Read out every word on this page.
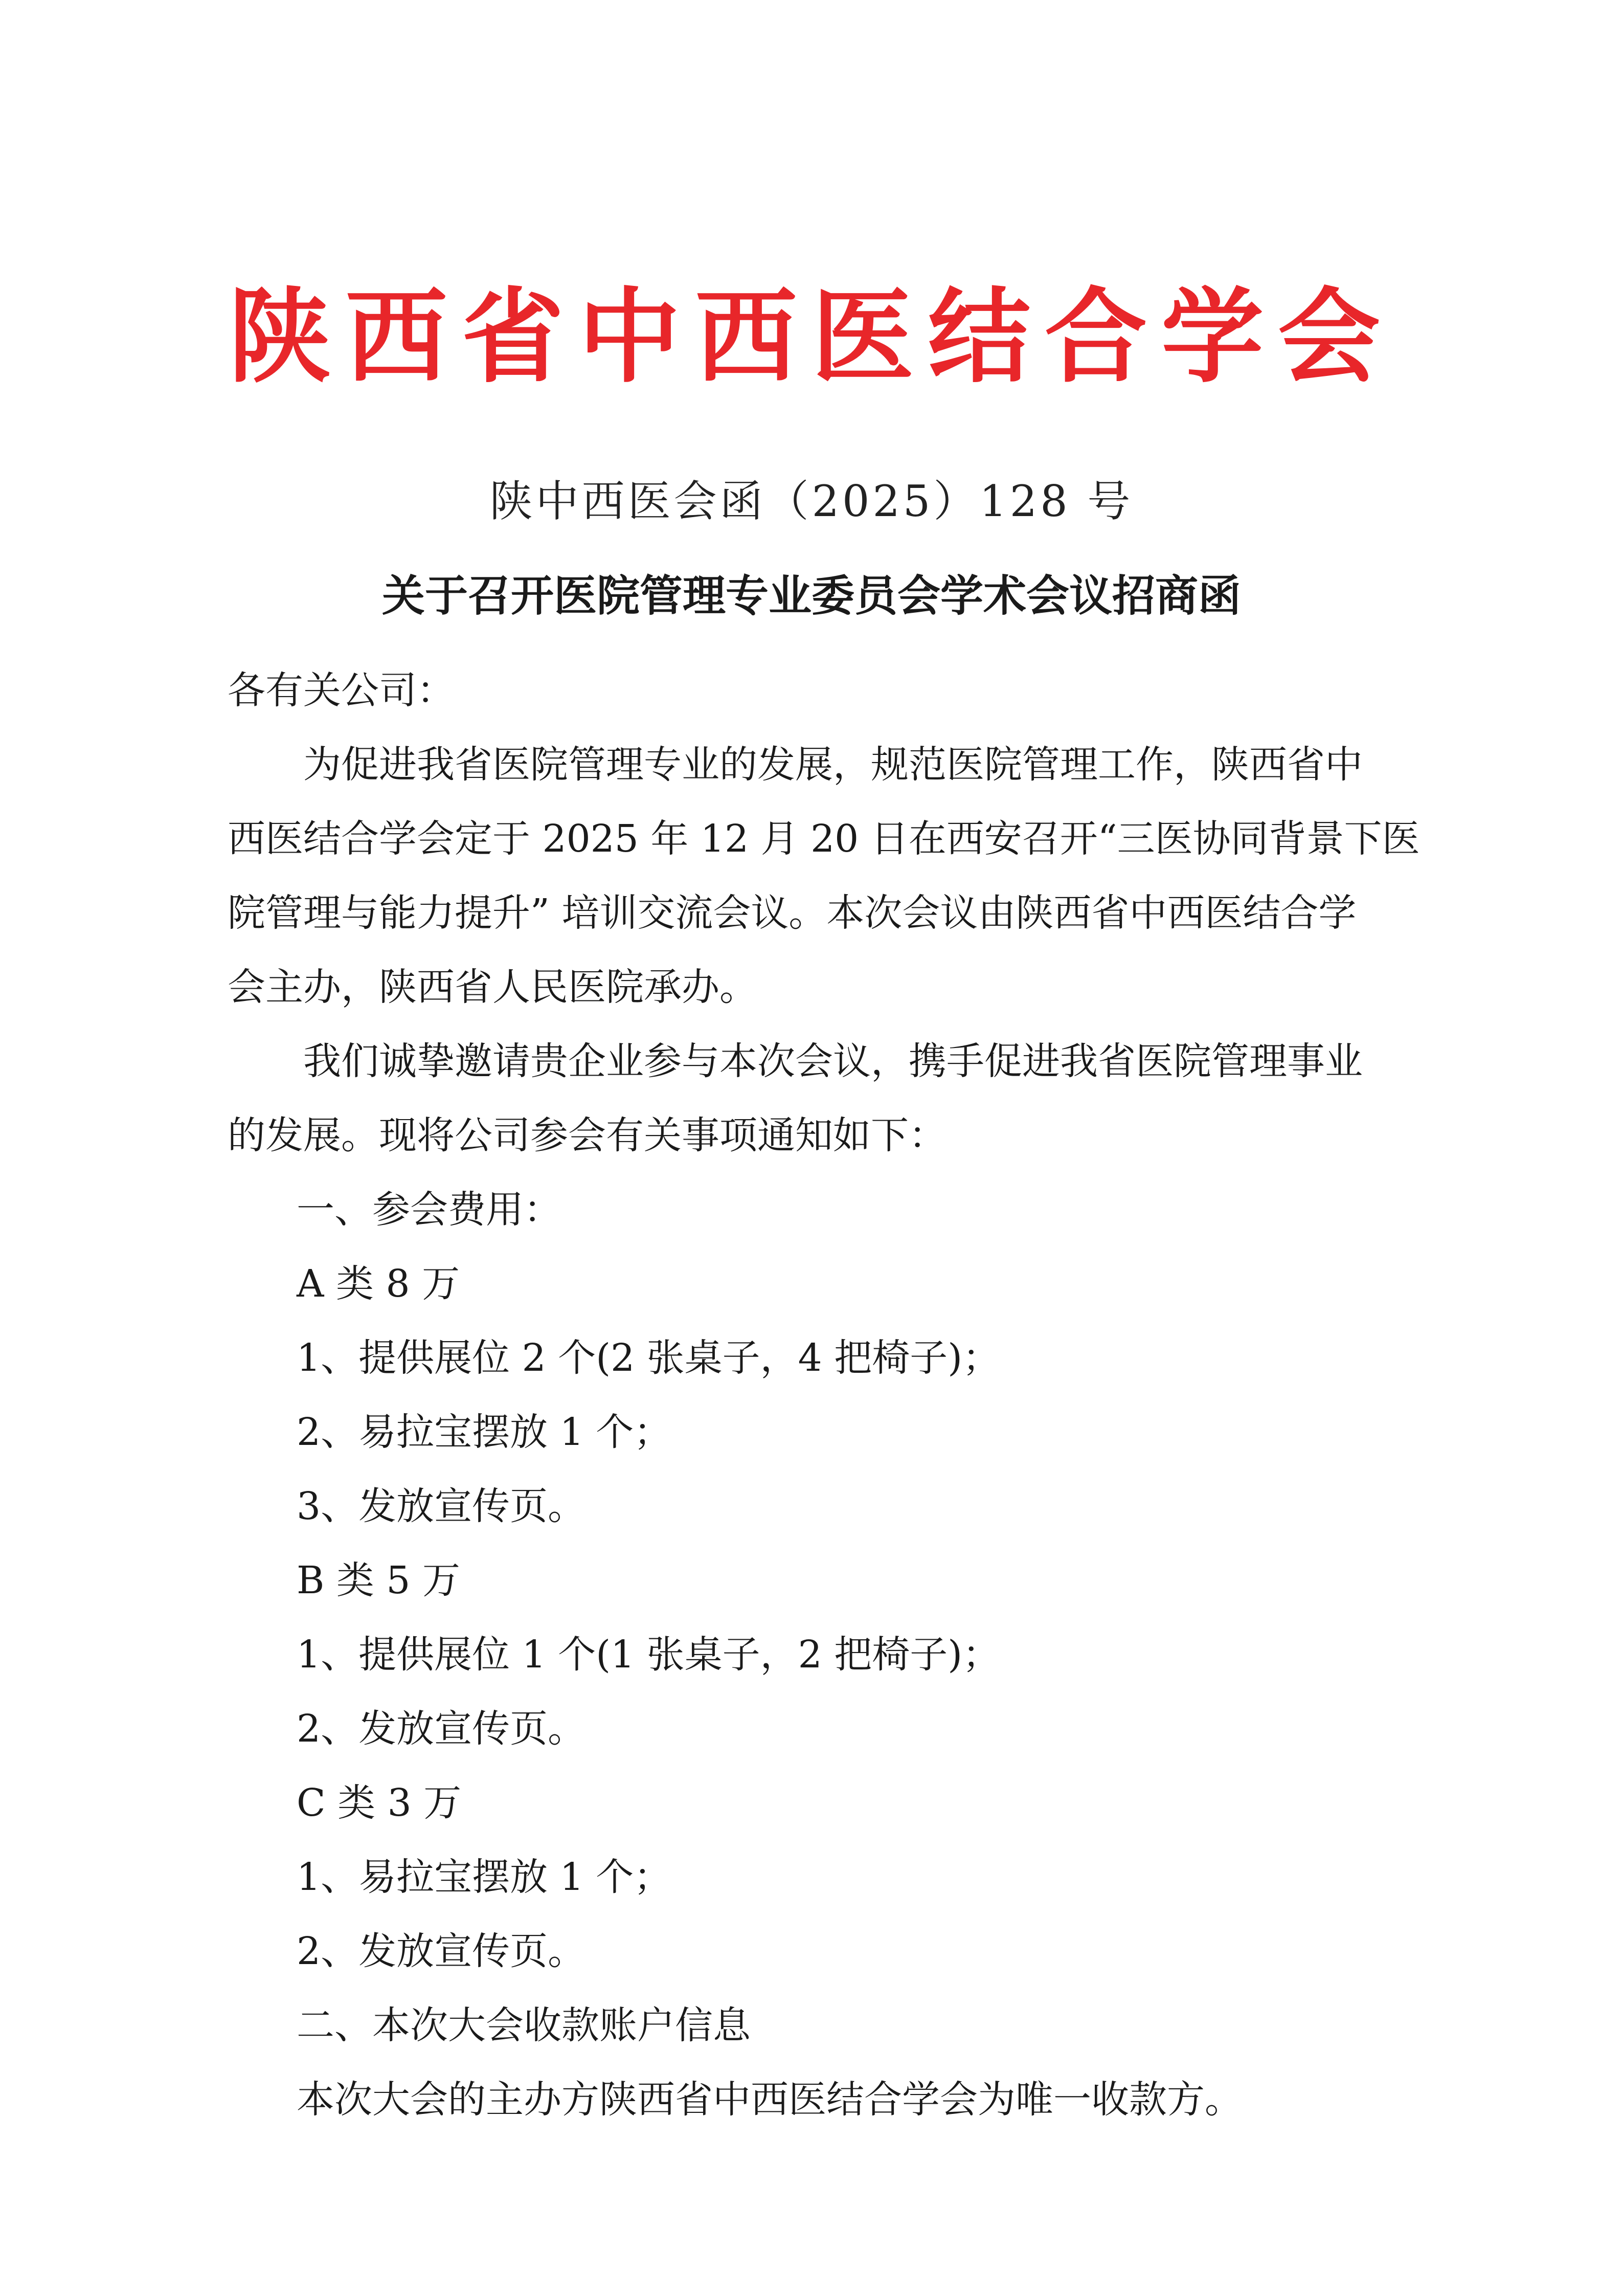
陕西省中西医结合学会
陕中西医会函（2025）128 号
关于召开医院管理专业委员会学术会议招商函
各有关公司：
为促进我省医院管理专业的发展，规范医院管理工作，陕西省中
西医结合学会定于 2025 年 12 月 20 日在西安召开“三医协同背景下医
院管理与能力提升” 培训交流会议。本次会议由陕西省中西医结合学
会主办，陕西省人民医院承办。
我们诚挚邀请贵企业参与本次会议，携手促进我省医院管理事业
的发展。现将公司参会有关事项通知如下：
一、参会费用：
A 类 8 万
1、提供展位 2 个(2 张桌子，4 把椅子)；
2、易拉宝摆放 1 个；
3、发放宣传页。
B 类 5 万
1、提供展位 1 个(1 张桌子，2 把椅子)；
2、发放宣传页。
C 类 3 万
1、易拉宝摆放 1 个；
2、发放宣传页。
二、本次大会收款账户信息
本次大会的主办方陕西省中西医结合学会为唯一收款方。
